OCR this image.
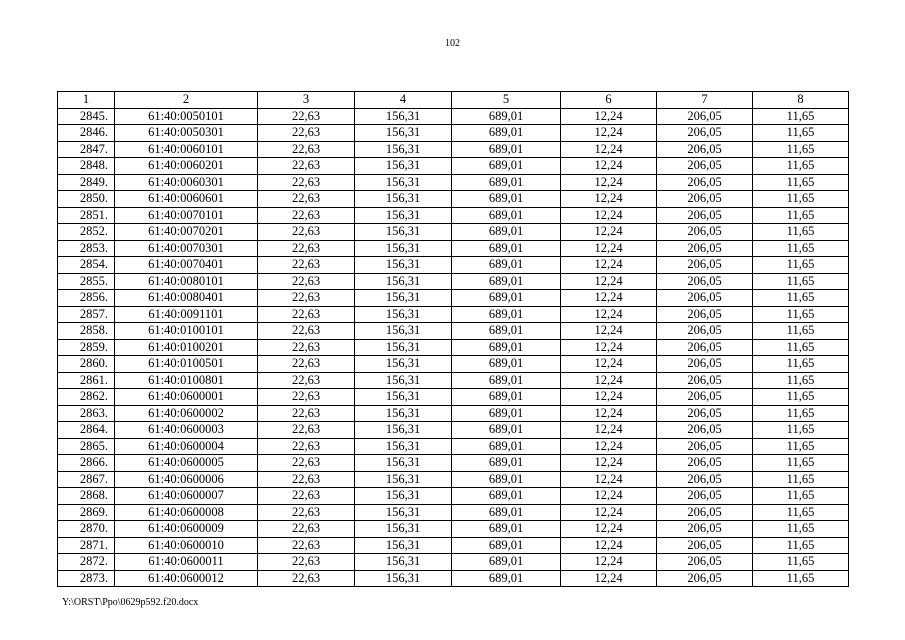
102
1	2	3	4	5	6	7	8
2845.	61:40:0050101	22,63	156,31	689,01	12,24	206,05	11,65
2846.	61:40:0050301	22,63	156,31	689,01	12,24	206,05	11,65
2847.	61:40:0060101	22,63	156,31	689,01	12,24	206,05	11,65
2848.	61:40:0060201	22,63	156,31	689,01	12,24	206,05	11,65
2849.	61:40:0060301	22,63	156,31	689,01	12,24	206,05	11,65
2850.	61:40:0060601	22,63	156,31	689,01	12,24	206,05	11,65
2851.	61:40:0070101	22,63	156,31	689,01	12,24	206,05	11,65
2852.	61:40:0070201	22,63	156,31	689,01	12,24	206,05	11,65
2853.	61:40:0070301	22,63	156,31	689,01	12,24	206,05	11,65
2854.	61:40:0070401	22,63	156,31	689,01	12,24	206,05	11,65
2855.	61:40:0080101	22,63	156,31	689,01	12,24	206,05	11,65
2856.	61:40:0080401	22,63	156,31	689,01	12,24	206,05	11,65
2857.	61:40:0091101	22,63	156,31	689,01	12,24	206,05	11,65
2858.	61:40:0100101	22,63	156,31	689,01	12,24	206,05	11,65
2859.	61:40:0100201	22,63	156,31	689,01	12,24	206,05	11,65
2860.	61:40:0100501	22,63	156,31	689,01	12,24	206,05	11,65
2861.	61:40:0100801	22,63	156,31	689,01	12,24	206,05	11,65
2862.	61:40:0600001	22,63	156,31	689,01	12,24	206,05	11,65
2863.	61:40:0600002	22,63	156,31	689,01	12,24	206,05	11,65
2864.	61:40:0600003	22,63	156,31	689,01	12,24	206,05	11,65
2865.	61:40:0600004	22,63	156,31	689,01	12,24	206,05	11,65
2866.	61:40:0600005	22,63	156,31	689,01	12,24	206,05	11,65
2867.	61:40:0600006	22,63	156,31	689,01	12,24	206,05	11,65
2868.	61:40:0600007	22,63	156,31	689,01	12,24	206,05	11,65
2869.	61:40:0600008	22,63	156,31	689,01	12,24	206,05	11,65
2870.	61:40:0600009	22,63	156,31	689,01	12,24	206,05	11,65
2871.	61:40:0600010	22,63	156,31	689,01	12,24	206,05	11,65
2872.	61:40:0600011	22,63	156,31	689,01	12,24	206,05	11,65
2873.	61:40:0600012	22,63	156,31	689,01	12,24	206,05	11,65
Y:\ORST\Ppo\0629p592.f20.docx
